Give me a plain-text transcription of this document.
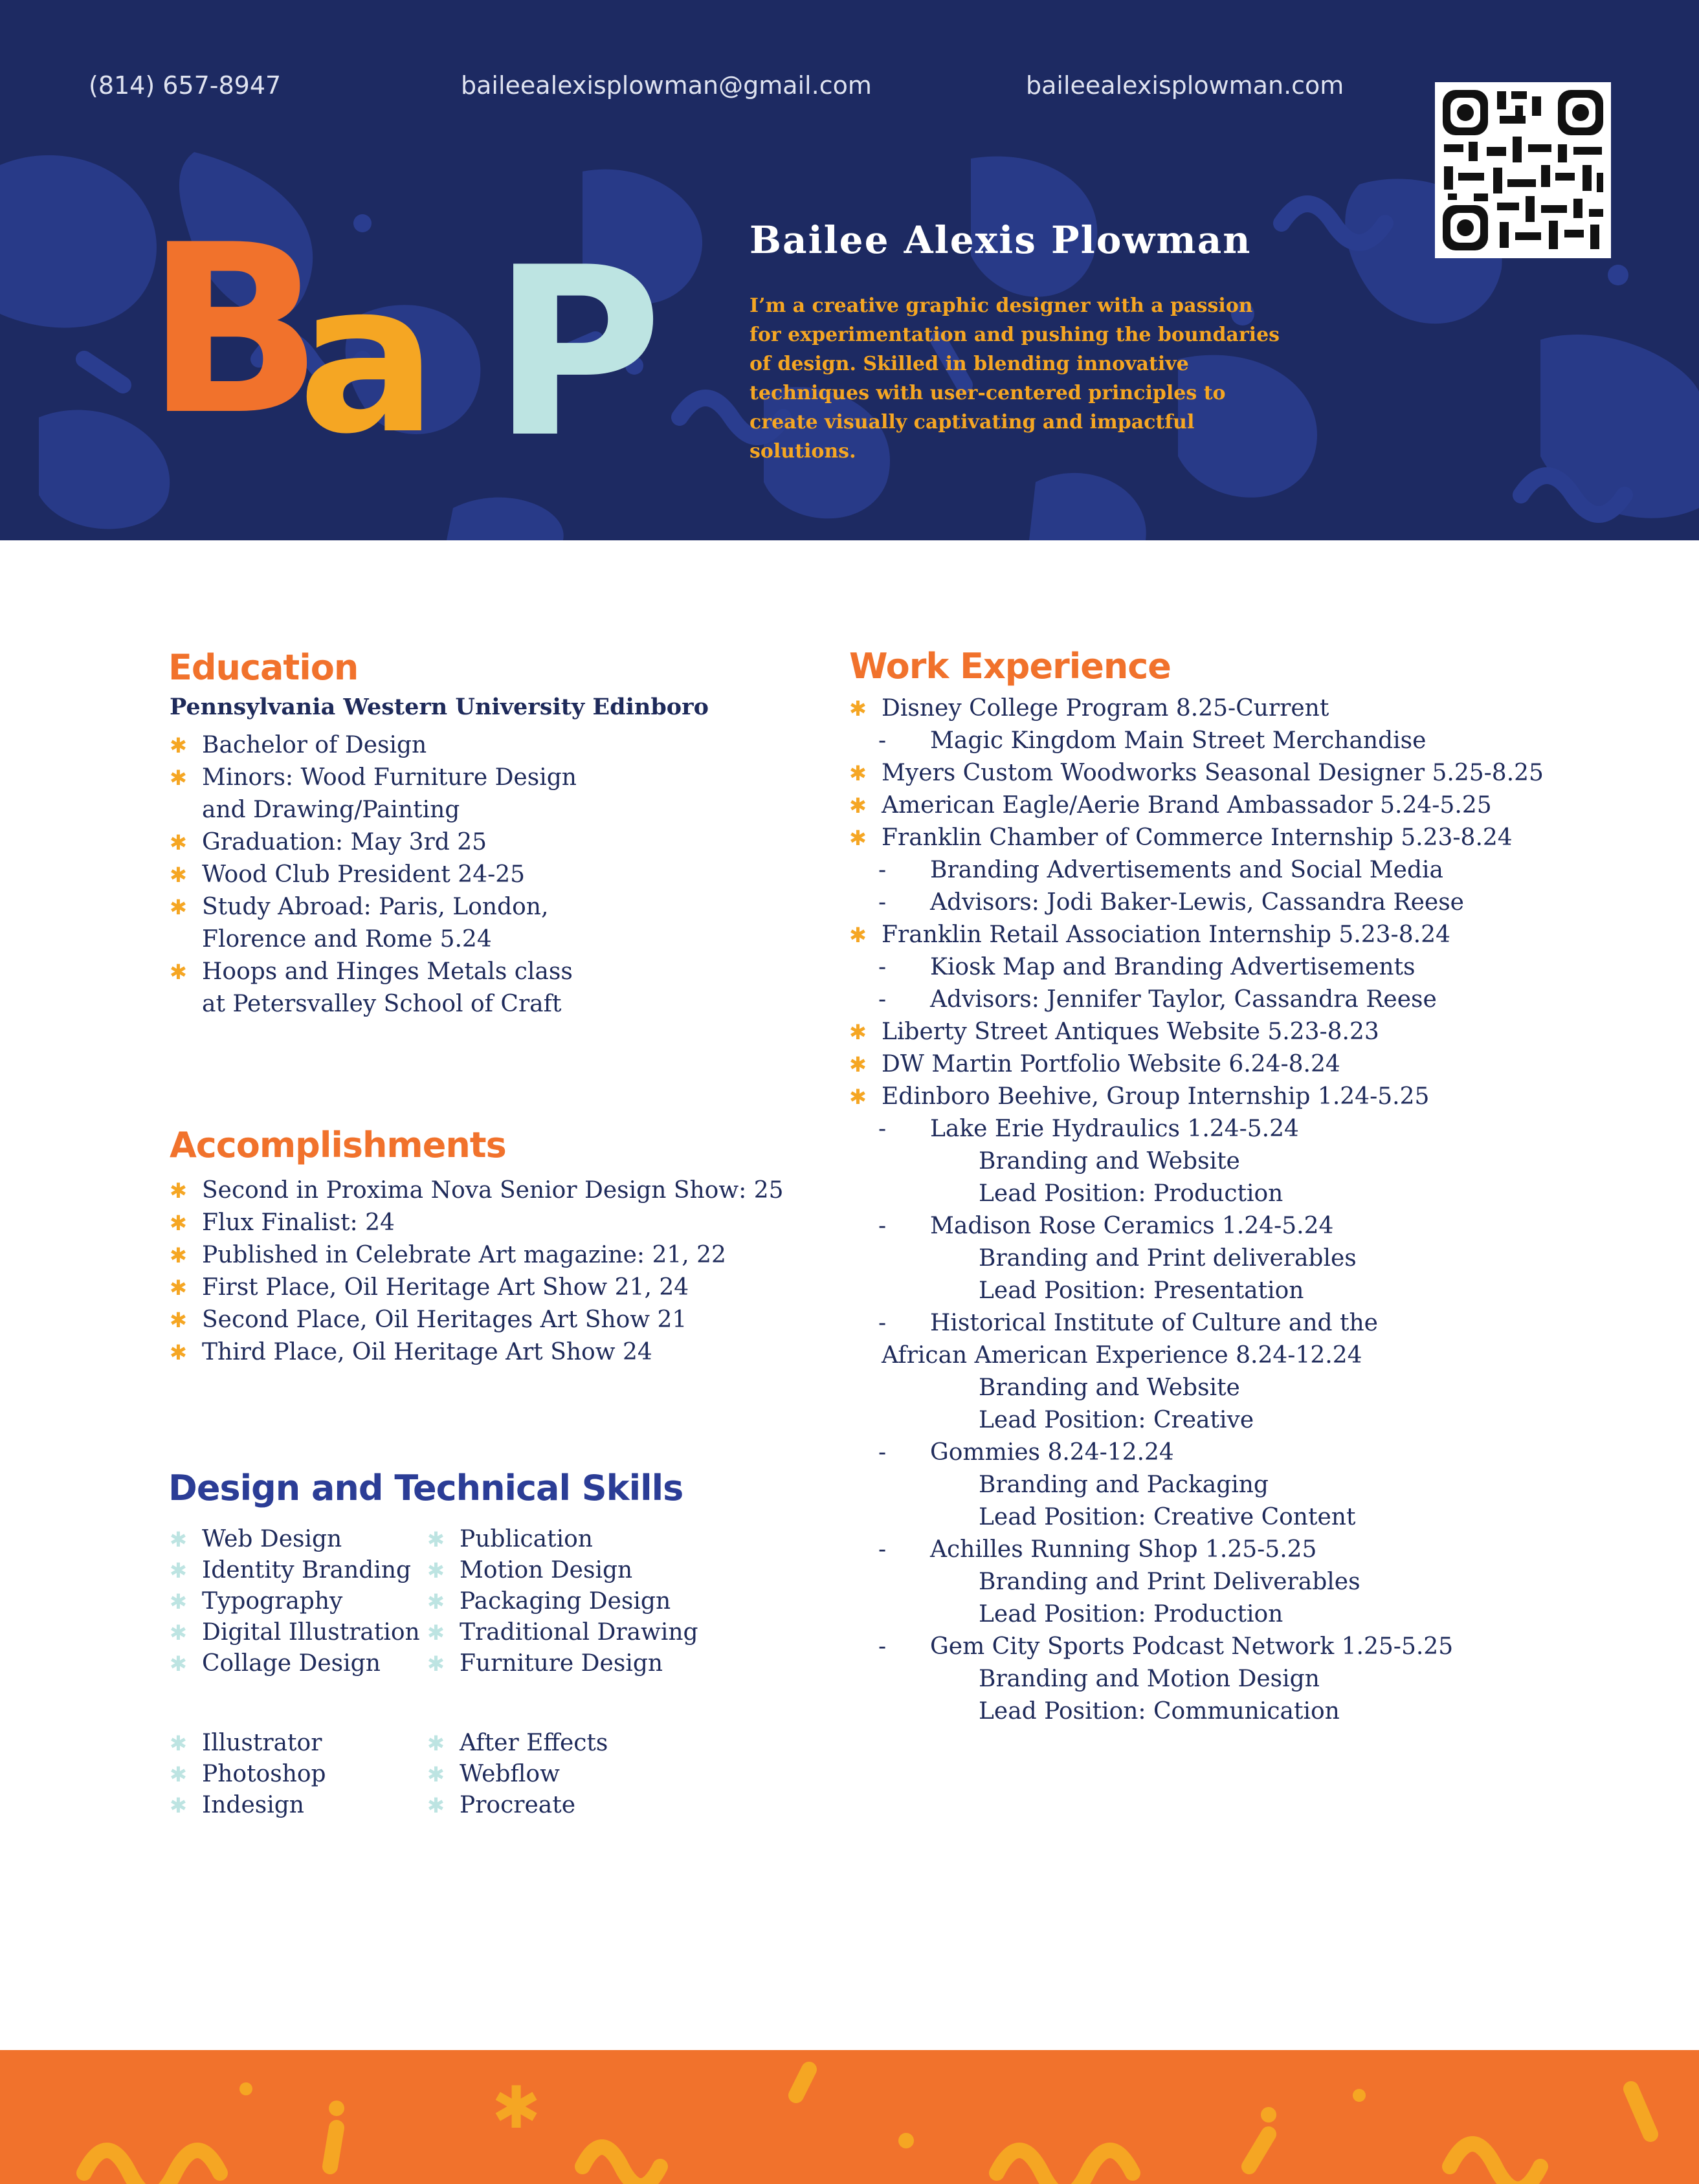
(814) 657-8947	baileealexisplowman@gmail.com	baileealexisplowman.com
B
a P Bailee Alexis Plowman
I’m a creative graphic designer with a passion for experimentation and pushing the boundaries of design. Skilled in blending innovative techniques with user-centered principles to create visually captivating and impactful solutions.
Education
Pennsylvania Western University Edinboro
✱ Bachelor of Design
✱ Minors: Wood Furniture Design
and Drawing/Painting
✱ Graduation: May 3rd 25
✱ Wood Club President 24-25
✱ Study Abroad: Paris, London,
Florence and Rome 5.24
✱ Hoops and Hinges Metals class
at Petersvalley School of Craft
Accomplishments
✱ Second in Proxima Nova Senior Design Show: 25
✱ Flux Finalist: 24
✱ Published in Celebrate Art magazine: 21, 22
✱ First Place, Oil Heritage Art Show 21, 24
✱ Second Place, Oil Heritages Art Show 21
✱ Third Place, Oil Heritage Art Show 24
Design and Technical Skills
✱ Web Design
✱ Identity Branding
✱ Typography
✱ Digital Illustration
✱ Collage Design
✱ Publication
✱ Motion Design
✱ Packaging Design
✱ Traditional Drawing
✱ Furniture Design
✱ Illustrator
✱ Photoshop
✱ Indesign
✱ After Effects
✱ Webflow
✱ Procreate
Work Experience
✱ Disney College Program 8.25-Current
- Magic Kingdom Main Street Merchandise
✱ Myers Custom Woodworks Seasonal Designer 5.25-8.25
✱ American Eagle/Aerie Brand Ambassador 5.24-5.25
✱ Franklin Chamber of Commerce Internship 5.23-8.24
- Branding Advertisements and Social Media
- Advisors: Jodi Baker-Lewis, Cassandra Reese
✱ Franklin Retail Association Internship 5.23-8.24
- Kiosk Map and Branding Advertisements
- Advisors: Jennifer Taylor, Cassandra Reese
✱ Liberty Street Antiques Website 5.23-8.23
✱ DW Martin Portfolio Website 6.24-8.24
✱ Edinboro Beehive, Group Internship 1.24-5.25
- Lake Erie Hydraulics 1.24-5.24
Branding and Website
Lead Position: Production
- Madison Rose Ceramics 1.24-5.24
Branding and Print deliverables
Lead Position: Presentation
- Historical Institute of Culture and the
African American Experience 8.24-12.24
Branding and Website
Lead Position: Creative
- Gommies 8.24-12.24
Branding and Packaging
Lead Position: Creative Content
- Achilles Running Shop 1.25-5.25
Branding and Print Deliverables
Lead Position: Production
- Gem City Sports Podcast Network 1.25-5.25
Branding and Motion Design
Lead Position: Communication
✱
